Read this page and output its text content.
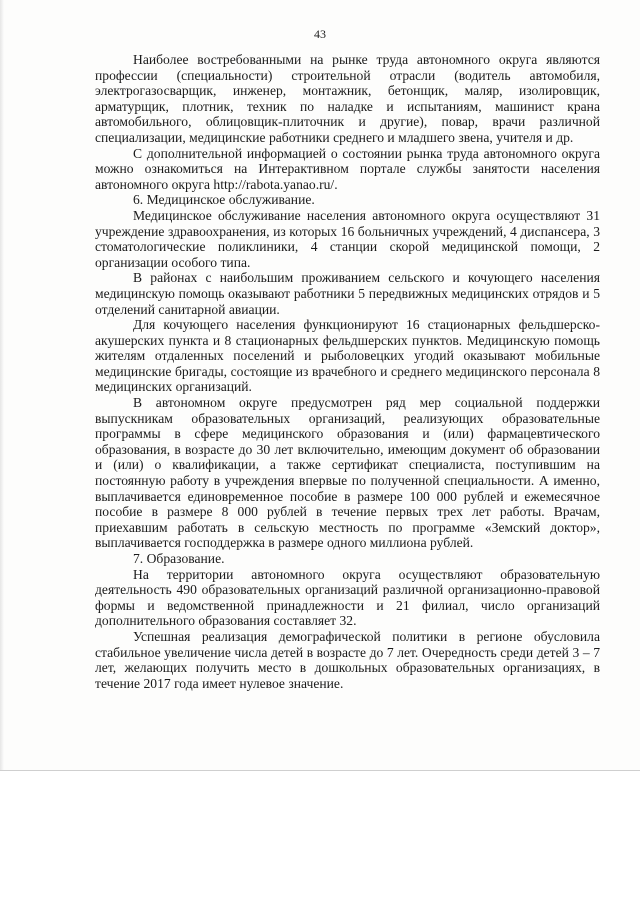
43

Наиболее востребованными на рынке труда автономного округа являются профессии (специальности) строительной отрасли (водитель автомобиля, электрогазосварщик, инженер, монтажник, бетонщик, маляр, изолировщик, арматурщик, плотник, техник по наладке и испытаниям, машинист крана автомобильного, облицовщик-плиточник и другие), повар, врачи различной специализации, медицинские работники среднего и младшего звена, учителя и др.

С дополнительной информацией о состоянии рынка труда автономного округа можно ознакомиться на Интерактивном портале службы занятости населения автономного округа http://rabota.yanao.ru/.

6. Медицинское обслуживание.

Медицинское обслуживание населения автономного округа осуществляют 31 учреждение здравоохранения, из которых 16 больничных учреждений, 4 диспансера, 3 стоматологические поликлиники, 4 станции скорой медицинской помощи, 2 организации особого типа.

В районах с наибольшим проживанием сельского и кочующего населения медицинскую помощь оказывают работники 5 передвижных медицинских отрядов и 5 отделений санитарной авиации.

Для кочующего населения функционируют 16 стационарных фельдшерско-акушерских пункта и 8 стационарных фельдшерских пунктов. Медицинскую помощь жителям отдаленных поселений и рыболовецких угодий оказывают мобильные медицинские бригады, состоящие из врачебного и среднего медицинского персонала 8 медицинских организаций.

В автономном округе предусмотрен ряд мер социальной поддержки выпускникам образовательных организаций, реализующих образовательные программы в сфере медицинского образования и (или) фармацевтического образования, в возрасте до 30 лет включительно, имеющим документ об образовании и (или) о квалификации, а также сертификат специалиста, поступившим на постоянную работу в учреждения впервые по полученной специальности. А именно, выплачивается единовременное пособие в размере 100 000 рублей и ежемесячное пособие в размере 8 000 рублей в течение первых трех лет работы. Врачам, приехавшим работать в сельскую местность по программе «Земский доктор», выплачивается господдержка в размере одного миллиона рублей.

7. Образование.

На территории автономного округа осуществляют образовательную деятельность 490 образовательных организаций различной организационно-правовой формы и ведомственной принадлежности и 21 филиал, число организаций дополнительного образования составляет 32.

Успешная реализация демографической политики в регионе обусловила стабильное увеличение числа детей в возрасте до 7 лет. Очередность среди детей 3 – 7 лет, желающих получить место в дошкольных образовательных организациях, в течение 2017 года имеет нулевое значение.
